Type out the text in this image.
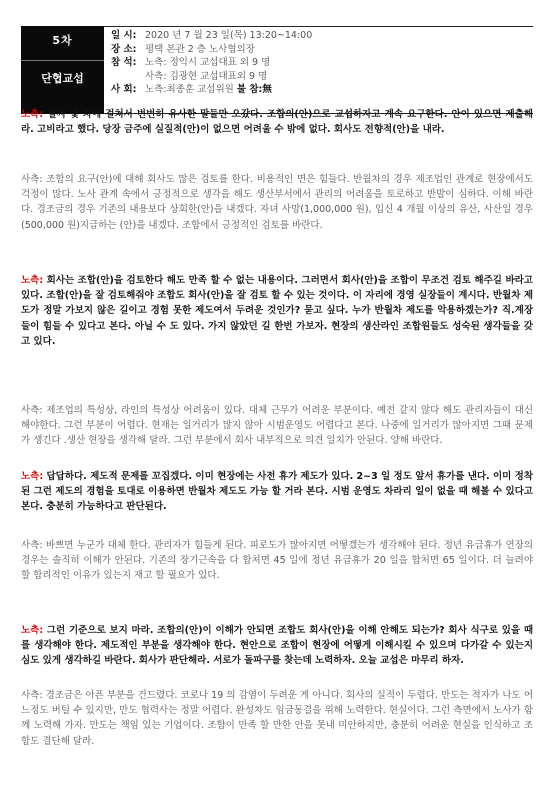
5차
단협교섭
일 시: 2020 년 7 월 23 일(목) 13:20~14:00
장 소: 평택 본관 2 층 노사협의장
참 석: 노측: 정익시 교섭대표 외 9 명
사측: 김광현 교섭대표외 9 명
사 회: 노측:최종훈 교섭위원 불 참:無

노측: 벌써 몇 차에 걸쳐서 번번히 유사한 말들만 오갔다. 조합의(안)으로 교섭하자고 계속 요구한다. 안이 있으면 제출해라. 고비라고 했다. 당장 금주에 실질적(안)이 없으면 어려울 수 밖에 없다. 회사도 전향적(안)을 내라.

사측: 조합의 요구(안)에 대해 회사도 많은 검토를 한다. 비용적인 면은 힘들다. 반월차의 경우 제조업인 관계로 현장에서도 걱정이 많다. 노사 관계 속에서 긍정적으로 생각을 해도 생산부서에서 관리의 어려움을 토로하고 반발이 심하다. 이해 바란다. 경조금의 경우 기존의 내용보다 상회한(안)을 내겠다. 자녀 사망(1,000,000 원), 입신 4 개월 이상의 유산, 사산일 경우 (500,000 원)지급하는 (안)을 내겠다. 조합에서 긍정적인 검토를 바란다.

노측: 회사는 조합(안)을 검토한다 해도 만족 할 수 없는 내용이다. 그러면서 회사(안)을 조합이 무조건 검토 해주길 바라고 있다. 조합(안)을 잘 검토해줘야 조합도 회사(안)을 잘 검토 할 수 있는 것이다. 이 자리에 경영 실장들이 계시다. 반월차 제도가 정말 가보지 않은 길이고 경험 못한 제도여서 두려운 것인가? 묻고 싶다. 누가 반월차 제도를 악용하겠는가? 직.계장 들이 힘들 수 있다고 본다. 아닐 수 도 있다. 가지 않았던 길 한번 가보자. 현장의 생산라인 조합원들도 성숙된 생각들을 갖고 있다.

사측: 제조업의 특성상, 라인의 특성상 어려움이 있다. 대체 근무가 어려운 부분이다. 예전 같지 않다 해도 관리자들이 대신 해야한다. 그런 부분이 어렵다. 현재는 일거리가 많지 않아 시범운영도 어렵다고 본다. 나중에 일거리가 많아지면 그때 문제가 생긴다 .생산 현장을 생각해 달라. 그런 부분에서 회사 내부적으로 의견 일치가 안된다. 양해 바란다.

노측: 답답하다. 제도적 문제를 꼬집겠다. 이미 현장에는 사전 휴가 제도가 있다. 2~3 일 정도 앞서 휴가를 낸다. 이미 정착된 그런 제도의 경험을 토대로 이용하면 반월차 제도도 가능 할 거라 본다. 시범 운영도 차라리 일이 없을 때 해볼 수 있다고 본다. 충분히 가능하다고 판단된다.

사측: 바쁘면 누군가 대체 한다. 관리자가 힘들게 된다. 피로도가 많아지면 어떻겠는가 생각해야 된다. 정년 유급휴가 연장의 경우는 솔직히 이해가 안된다. 기존의 장기근속을 다 합처면 45 일에 정년 유급휴가 20 일을 합처면 65 일이다. 더 늘려야 할 합리적인 이유가 있는지 재고 할 필요가 있다.

노측: 그런 기준으로 보지 마라. 조합의(안)이 이해가 안되면 조합도 회사(안)을 이해 안해도 되는가? 회사 식구로 있을 때를 생각해야 한다. 제도적인 부분을 생각해야 한다. 현안으로 조합이 현장에 어떻게 이해시킬 수 있으며 다가갈 수 있는지 심도 있게 생각하길 바란다. 회사가 판단해라. 서로가 돌파구를 찾는데 노력하자. 오늘 교섭은 마무리 하자.

사측: 경조금은 아픈 부분을 건드렸다. 코로나 19 의 감염이 두려운 게 아니다. 회사의 실적이 두렵다. 만도는 적자가 나도 어느정도 버틸 수 있지만, 만도 협력사는 정말 어렵다. 완성차도 임금동결을 위해 노력한다. 현실이다. 그런 측면에서 노사가 함께 노력해 가자. 만도는 책임 있는 기업이다. 조합이 만족 할 만한 안을 못내 미안하지만, 충분히 어려운 현실을 인식하고 조합도 결단해 달라.
